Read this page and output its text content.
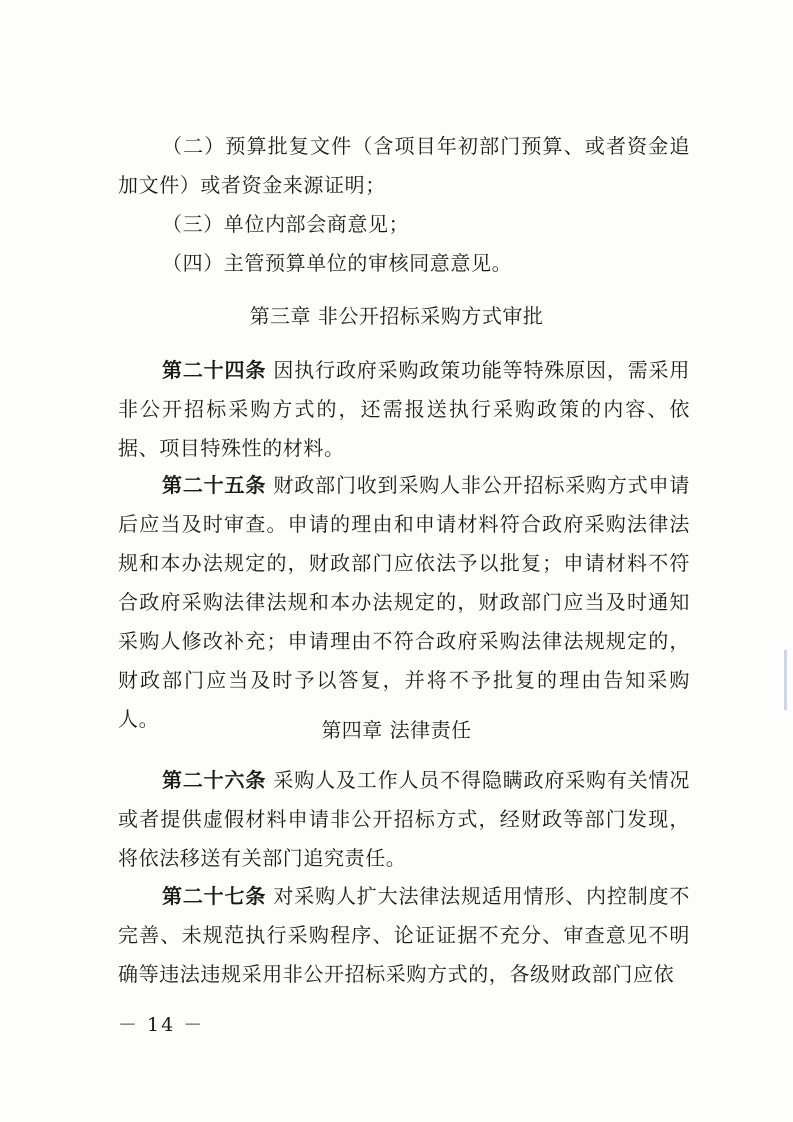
（二）预算批复文件（含项目年初部门预算、或者资金追加文件）或者资金来源证明；
（三）单位内部会商意见；
（四）主管预算单位的审核同意意见。
第三章 非公开招标采购方式审批
第二十四条 因执行政府采购政策功能等特殊原因，需采用非公开招标采购方式的，还需报送执行采购政策的内容、依据、项目特殊性的材料。
第二十五条 财政部门收到采购人非公开招标采购方式申请后应当及时审查。申请的理由和申请材料符合政府采购法律法规和本办法规定的，财政部门应依法予以批复；申请材料不符合政府采购法律法规和本办法规定的，财政部门应当及时通知采购人修改补充；申请理由不符合政府采购法律法规规定的，财政部门应当及时予以答复，并将不予批复的理由告知采购人。	第四章 法律责任
第二十六条 采购人及工作人员不得隐瞒政府采购有关情况或者提供虚假材料申请非公开招标方式，经财政等部门发现，将依法移送有关部门追究责任。
第二十七条 对采购人扩大法律法规适用情形、内控制度不完善、未规范执行采购程序、论证证据不充分、审查意见不明确等违法违规采用非公开招标采购方式的，各级财政部门应依
－ 14 －
